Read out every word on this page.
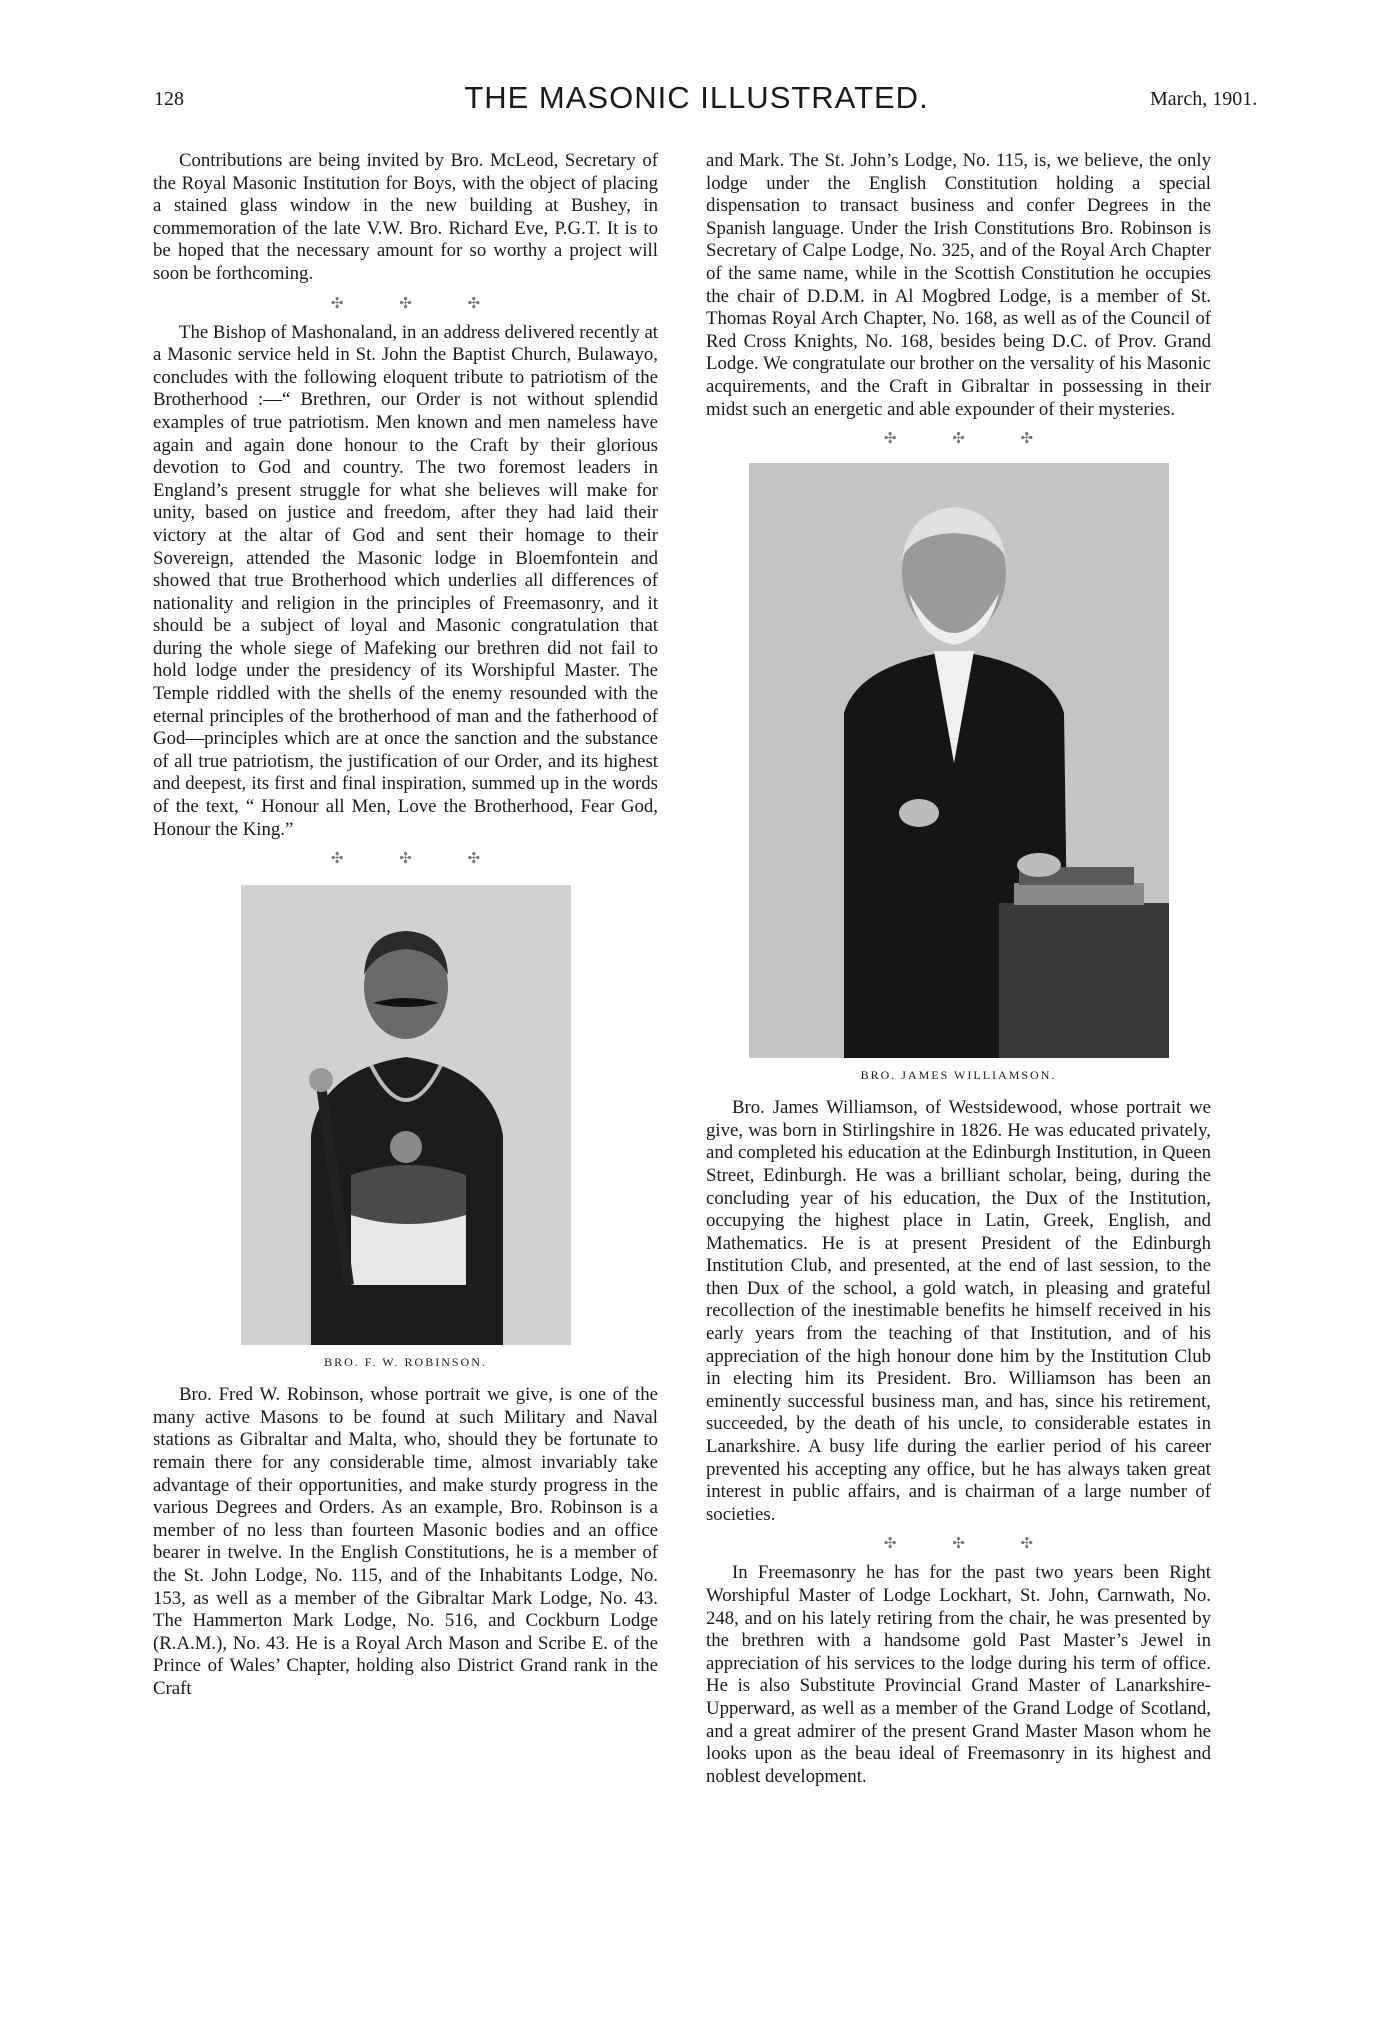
128	THE MASONIC ILLUSTRATED.	March, 1901.

Contributions are being invited by Bro. McLeod, Secretary of the Royal Masonic Institution for Boys, with the object of placing a stained glass window in the new building at Bushey, in commemoration of the late V.W. Bro. Richard Eve, P.G.T. It is to be hoped that the necessary amount for so worthy a project will soon be forthcoming.

✣ ✣ ✣

The Bishop of Mashonaland, in an address delivered recently at a Masonic service held in St. John the Baptist Church, Bulawayo, concludes with the following eloquent tribute to patriotism of the Brotherhood :—“ Brethren, our Order is not without splendid examples of true patriotism. Men known and men nameless have again and again done honour to the Craft by their glorious devotion to God and country. The two foremost leaders in England’s present struggle for what she believes will make for unity, based on justice and freedom, after they had laid their victory at the altar of God and sent their homage to their Sovereign, attended the Masonic lodge in Bloemfontein and showed that true Brotherhood which underlies all differences of nationality and religion in the principles of Freemasonry, and it should be a subject of loyal and Masonic congratulation that during the whole siege of Mafeking our brethren did not fail to hold lodge under the presidency of its Worshipful Master. The Temple riddled with the shells of the enemy resounded with the eternal principles of the brotherhood of man and the fatherhood of God—principles which are at once the sanction and the substance of all true patriotism, the justification of our Order, and its highest and deepest, its first and final inspiration, summed up in the words of the text, “ Honour all Men, Love the Brotherhood, Fear God, Honour the King.”

✣ ✣ ✣
BRO. F. W. ROBINSON.

Bro. Fred W. Robinson, whose portrait we give, is one of the many active Masons to be found at such Military and Naval stations as Gibraltar and Malta, who, should they be fortunate to remain there for any considerable time, almost invariably take advantage of their opportunities, and make sturdy progress in the various Degrees and Orders. As an example, Bro. Robinson is a member of no less than fourteen Masonic bodies and an office bearer in twelve. In the English Constitutions, he is a member of the St. John Lodge, No. 115, and of the Inhabitants Lodge, No. 153, as well as a member of the Gibraltar Mark Lodge, No. 43. The Hammerton Mark Lodge, No. 516, and Cockburn Lodge (R.A.M.), No. 43. He is a Royal Arch Mason and Scribe E. of the Prince of Wales’ Chapter, holding also District Grand rank in the Craft

and Mark. The St. John’s Lodge, No. 115, is, we believe, the only lodge under the English Constitution holding a special dispensation to transact business and confer Degrees in the Spanish language. Under the Irish Constitutions Bro. Robinson is Secretary of Calpe Lodge, No. 325, and of the Royal Arch Chapter of the same name, while in the Scottish Constitution he occupies the chair of D.D.M. in Al Mogbred Lodge, is a member of St. Thomas Royal Arch Chapter, No. 168, as well as of the Council of Red Cross Knights, No. 168, besides being D.C. of Prov. Grand Lodge. We congratulate our brother on the versality of his Masonic acquirements, and the Craft in Gibraltar in possessing in their midst such an energetic and able expounder of their mysteries.

✣ ✣ ✣
BRO. JAMES WILLIAMSON.

Bro. James Williamson, of Westsidewood, whose portrait we give, was born in Stirlingshire in 1826. He was educated privately, and completed his education at the Edinburgh Institution, in Queen Street, Edinburgh. He was a brilliant scholar, being, during the concluding year of his education, the Dux of the Institution, occupying the highest place in Latin, Greek, English, and Mathematics. He is at present President of the Edinburgh Institution Club, and presented, at the end of last session, to the then Dux of the school, a gold watch, in pleasing and grateful recollection of the inestimable benefits he himself received in his early years from the teaching of that Institution, and of his appreciation of the high honour done him by the Institution Club in electing him its President. Bro. Williamson has been an eminently successful business man, and has, since his retirement, succeeded, by the death of his uncle, to considerable estates in Lanarkshire. A busy life during the earlier period of his career prevented his accepting any office, but he has always taken great interest in public affairs, and is chairman of a large number of societies.

✣ ✣ ✣

In Freemasonry he has for the past two years been Right Worshipful Master of Lodge Lockhart, St. John, Carnwath, No. 248, and on his lately retiring from the chair, he was presented by the brethren with a handsome gold Past Master’s Jewel in appreciation of his services to the lodge during his term of office. He is also Substitute Provincial Grand Master of Lanarkshire-Upperward, as well as a member of the Grand Lodge of Scotland, and a great admirer of the present Grand Master Mason whom he looks upon as the beau ideal of Freemasonry in its highest and noblest development.
